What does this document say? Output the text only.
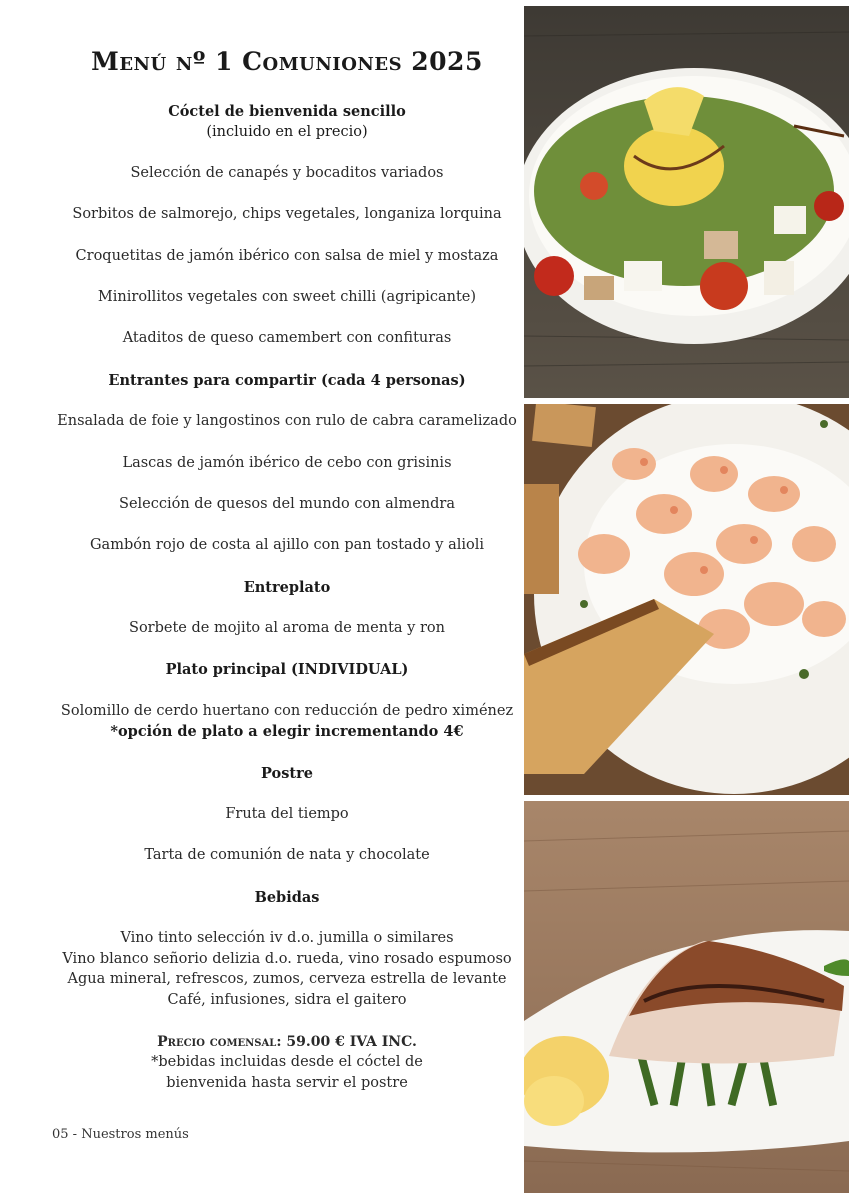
Menú nº 1 Comuniones 2025
Cóctel de bienvenida sencillo
(incluido en el precio)
Selección de canapés y bocaditos variados
Sorbitos de salmorejo, chips vegetales, longaniza lorquina
Croquetitas de jamón ibérico con salsa de miel y mostaza
Minirollitos vegetales con sweet chilli (agripicante)
Ataditos de queso camembert con confituras
Entrantes para compartir (cada 4 personas)
Ensalada de foie y langostinos con rulo de cabra caramelizado
Lascas de jamón ibérico de cebo con grisinis
Selección de quesos del mundo con almendra
Gambón rojo de costa al ajillo con pan tostado y alioli
Entreplato
Sorbete de mojito al aroma de menta y ron
Plato principal (INDIVIDUAL)
Solomillo de cerdo huertano con reducción de pedro ximénez
*opción de plato a elegir incrementando 4€
Postre
Fruta del tiempo
Tarta de comunión de nata y chocolate
Bebidas
Vino tinto selección iv d.o. jumilla o similares
Vino blanco señorio delizia d.o. rueda, vino rosado espumoso
Agua mineral, refrescos, zumos, cerveza estrella de levante
Café, infusiones, sidra el gaitero
Precio comensal: 59.00 € IVA INC.
*bebidas incluidas desde el cóctel de
bienvenida hasta servir el postre
05 - Nuestros menús
